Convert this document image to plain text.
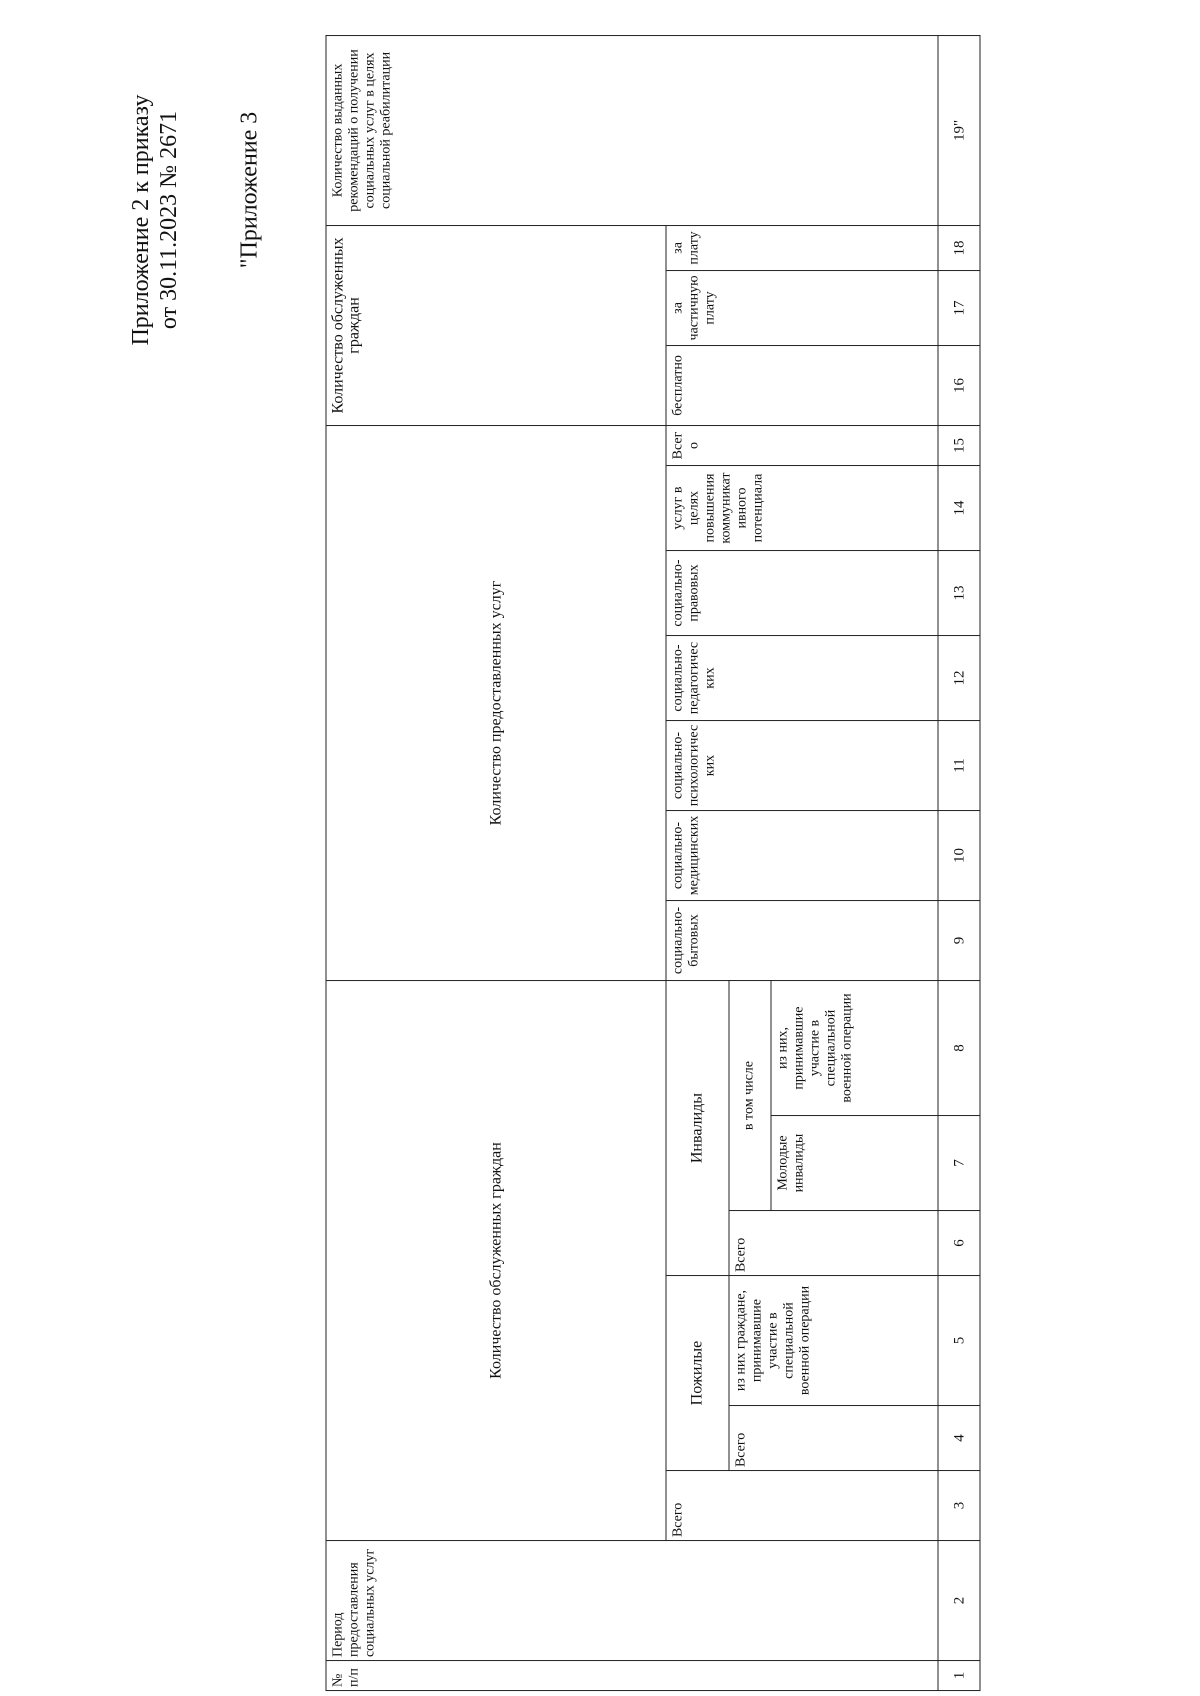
Приложение 2 к приказу от 30.11.2023 № 2671 "Приложение 3
№ п/п	Период предоставления социальных услуг	Количество обслуженных граждан						Количество предоставленных услуг							Количество обслуженных граждан			Количество выданных рекомендаций о получении социальных услуг в целях социальной реабилитации
		Всего	Пожилые		Инвалиды			социально-бытовых	социально-медицинских	социально-психологических	социально-педагогических	социально-правовых	услуг в целях повышения коммуникативного потенциала	Всего	бесплатно	за частичную плату	за плату	
			Всего	из них граждане, принимавшие участие в специальной военной операции	Всего	в том числе												
						Молодые инвалиды	из них, принимавшие участие в специальной военной операции											
1	2	3	4	5	6	7	8	9	10	11	12	13	14	15	16	17	18	19"
